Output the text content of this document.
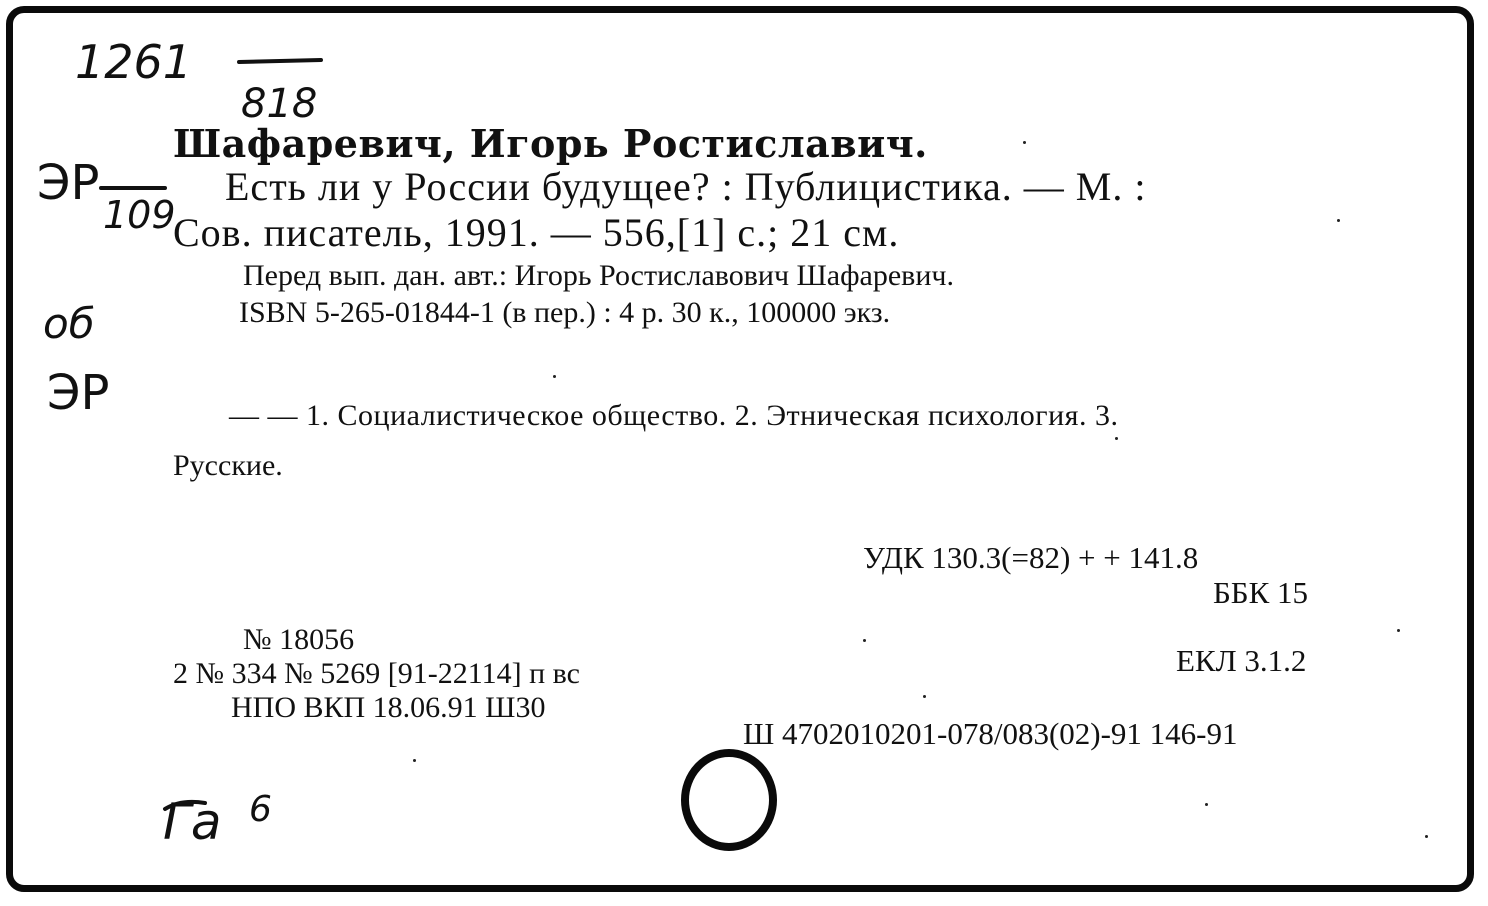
1261
818
ЭР
109
об
ЭР
Га 6
Шафаревич, Игорь Ростиславич.
Есть ли у России будущее? : Публицистика. — М. :
Сов. писатель, 1991. — 556,[1] с.; 21 см.
Перед вып. дан. авт.: Игорь Ростиславович Шафаревич.
ISBN 5-265-01844-1 (в пер.) : 4 р. 30 к., 100000 экз.
— — 1. Социалистическое общество. 2. Этническая психология. 3.
Русские.
УДК 130.3(=82) + + 141.8
ББК 15
ЕКЛ 3.1.2
№ 18056
2 № 334 № 5269 [91-22114] п вс
НПО ВКП 18.06.91 Ш30
Ш 4702010201-078/083(02)-91 146-91
